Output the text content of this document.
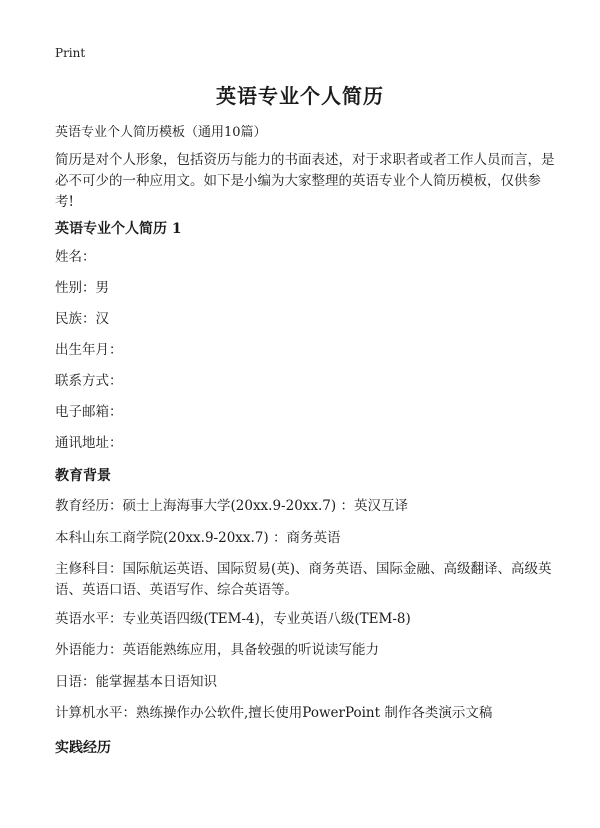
Print
英语专业个人简历
英语专业个人简历模板（通用10篇）
简历是对个人形象，包括资历与能力的书面表述，对于求职者或者工作人员而言，是必不可少的一种应用文。如下是小编为大家整理的英语专业个人简历模板，仅供参考!
英语专业个人简历 1
姓名：
性别：男
民族：汉
出生年月：
联系方式：
电子邮箱：
通讯地址：
教育背景
教育经历：硕士上海海事大学(20xx.9-20xx.7) ：英汉互译
本科山东工商学院(20xx.9-20xx.7) ：商务英语
主修科目：国际航运英语、国际贸易(英)、商务英语、国际金融、高级翻译、高级英语、英语口语、英语写作、综合英语等。
英语水平：专业英语四级(TEM-4)，专业英语八级(TEM-8)
外语能力：英语能熟练应用，具备较强的听说读写能力
日语：能掌握基本日语知识
计算机水平：熟练操作办公软件,擅长使用PowerPoint 制作各类演示文稿
实践经历
